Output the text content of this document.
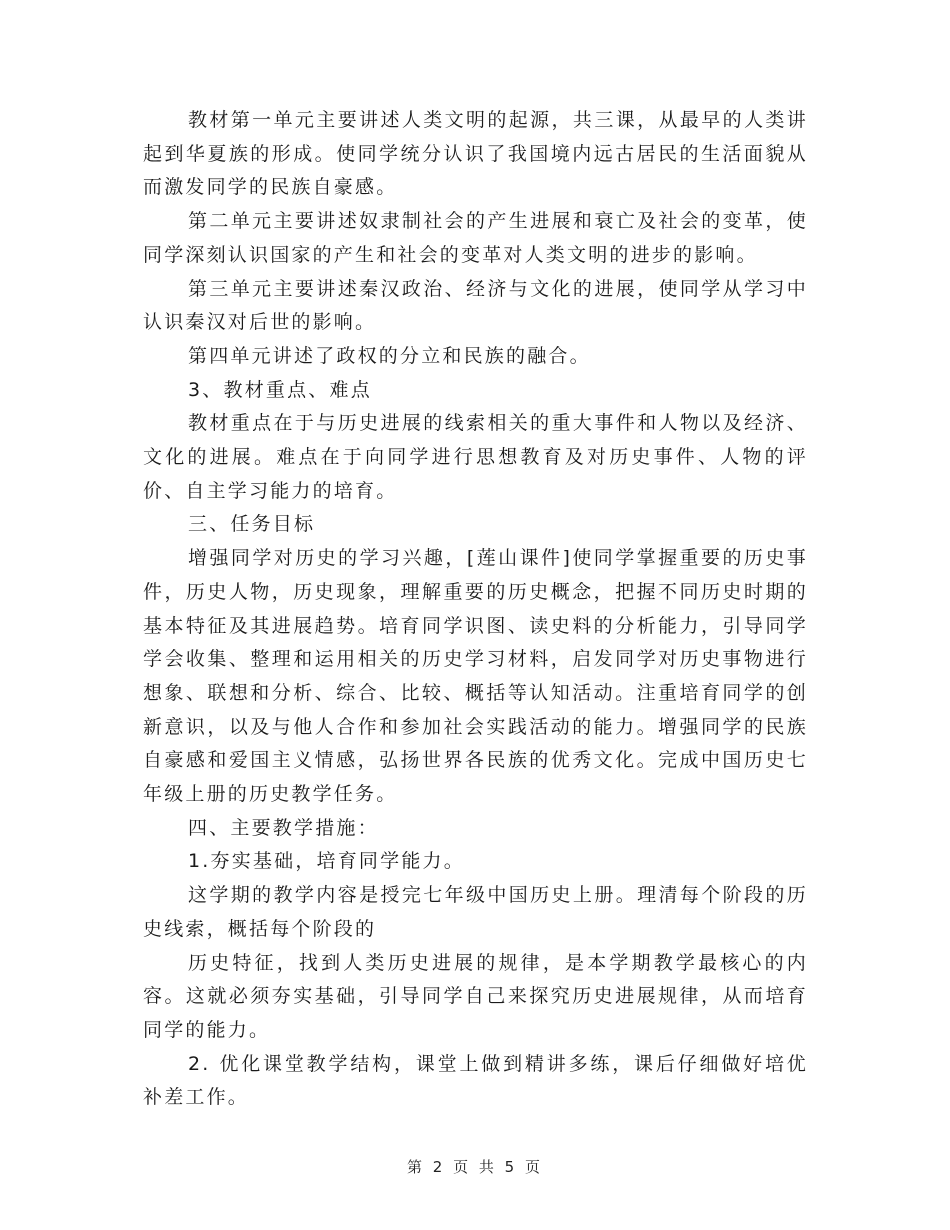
教材第一单元主要讲述人类文明的起源，共三课，从最早的人类讲起到华夏族的形成。使同学统分认识了我国境内远古居民的生活面貌从而激发同学的民族自豪感。

第二单元主要讲述奴隶制社会的产生进展和衰亡及社会的变革，使同学深刻认识国家的产生和社会的变革对人类文明的进步的影响。

第三单元主要讲述秦汉政治、经济与文化的进展，使同学从学习中认识秦汉对后世的影响。

第四单元讲述了政权的分立和民族的融合。

3、教材重点、难点

教材重点在于与历史进展的线索相关的重大事件和人物以及经济、文化的进展。难点在于向同学进行思想教育及对历史事件、人物的评价、自主学习能力的培育。

三、任务目标

增强同学对历史的学习兴趣，[莲山课件]使同学掌握重要的历史事件，历史人物，历史现象，理解重要的历史概念，把握不同历史时期的基本特征及其进展趋势。培育同学识图、读史料的分析能力，引导同学学会收集、整理和运用相关的历史学习材料，启发同学对历史事物进行想象、联想和分析、综合、比较、概括等认知活动。注重培育同学的创新意识，以及与他人合作和参加社会实践活动的能力。增强同学的民族自豪感和爱国主义情感，弘扬世界各民族的优秀文化。完成中国历史七年级上册的历史教学任务。

四、主要教学措施：

1.夯实基础，培育同学能力。

这学期的教学内容是授完七年级中国历史上册。理清每个阶段的历史线索，概括每个阶段的

历史特征，找到人类历史进展的规律，是本学期教学最核心的内容。这就必须夯实基础，引导同学自己来探究历史进展规律，从而培育同学的能力。

2. 优化课堂教学结构，课堂上做到精讲多练，课后仔细做好培优补差工作。

第 2 页 共 5 页
